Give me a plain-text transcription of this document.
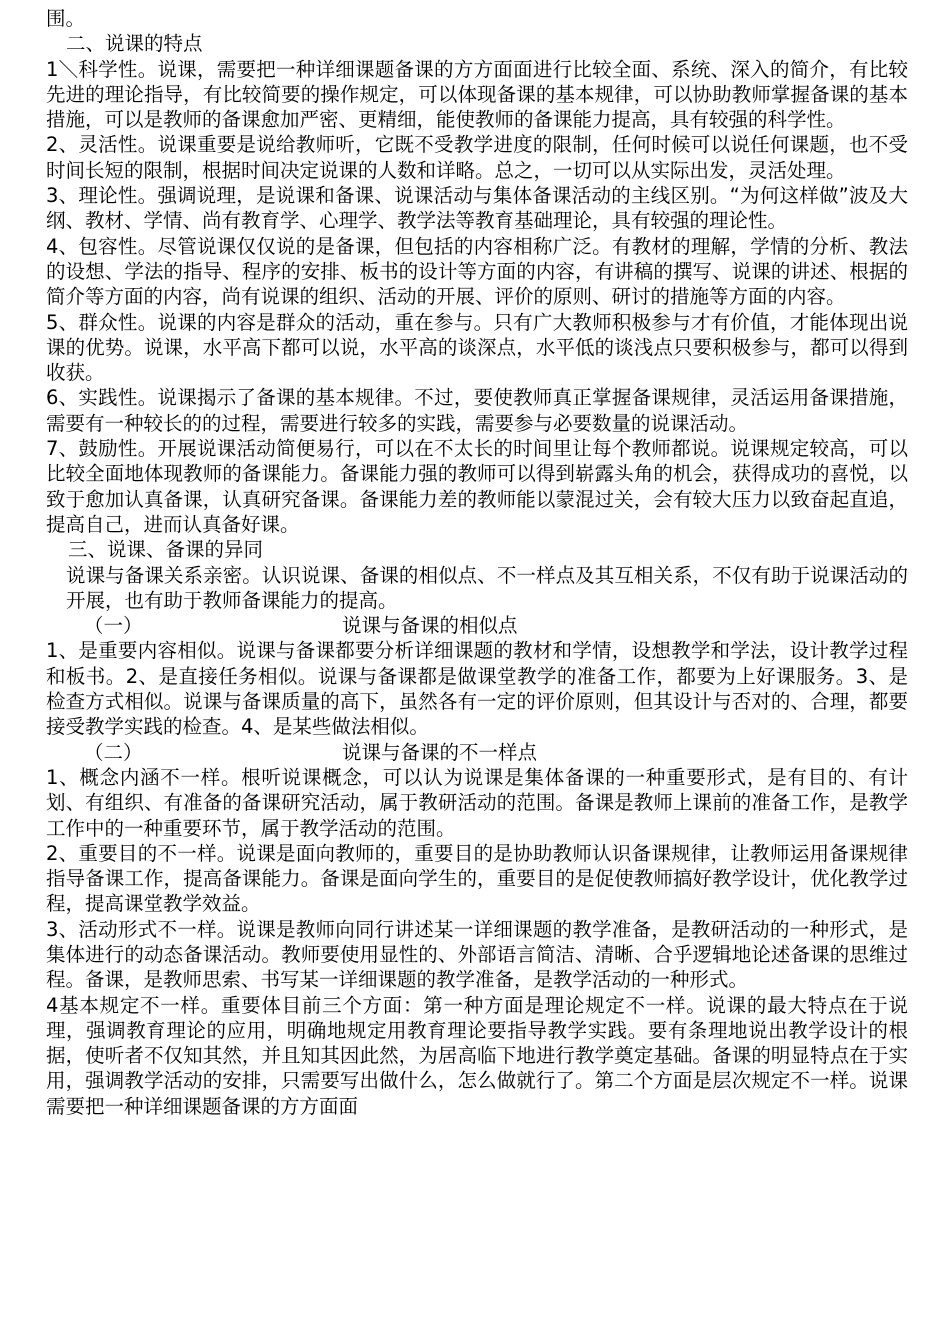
围。

二、说课的特点

1＼科学性。说课，需要把一种详细课题备课的方方面面进行比较全面、系统、深入的简介，有比较先进的理论指导，有比较简要的操作规定，可以体现备课的基本规律，可以协助教师掌握备课的基本措施，可以是教师的备课愈加严密、更精细，能使教师的备课能力提高，具有较强的科学性。

2、灵活性。说课重要是说给教师听，它既不受教学进度的限制，任何时候可以说任何课题，也不受时间长短的限制，根据时间决定说课的人数和详略。总之，一切可以从实际出发，灵活处理。

3、理论性。强调说理，是说课和备课、说课活动与集体备课活动的主线区别。“为何这样做”波及大纲、教材、学情、尚有教育学、心理学、教学法等教育基础理论，具有较强的理论性。

4、包容性。尽管说课仅仅说的是备课，但包括的内容相称广泛。有教材的理解，学情的分析、教法的设想、学法的指导、程序的安排、板书的设计等方面的内容，有讲稿的撰写、说课的讲述、根据的简介等方面的内容，尚有说课的组织、活动的开展、评价的原则、研讨的措施等方面的内容。

5、群众性。说课的内容是群众的活动，重在参与。只有广大教师积极参与才有价值，才能体现出说课的优势。说课，水平高下都可以说，水平高的谈深点，水平低的谈浅点只要积极参与，都可以得到收获。

6、实践性。说课揭示了备课的基本规律。不过，要使教师真正掌握备课规律，灵活运用备课措施，需要有一种较长的的过程，需要进行较多的实践，需要参与必要数量的说课活动。

7、鼓励性。开展说课活动简便易行，可以在不太长的时间里让每个教师都说。说课规定较高，可以比较全面地体现教师的备课能力。备课能力强的教师可以得到崭露头角的机会，获得成功的喜悦，以致于愈加认真备课，认真研究备课。备课能力差的教师能以蒙混过关，会有较大压力以致奋起直追，提高自己，进而认真备好课。

三、说课、备课的异同

说课与备课关系亲密。认识说课、备课的相似点、不一样点及其互相关系，不仅有助于说课活动的开展，也有助于教师备课能力的提高。

（一）	说课与备课的相似点

1、是重要内容相似。说课与备课都要分析详细课题的教材和学情，设想教学和学法，设计教学过程和板书。2、是直接任务相似。说课与备课都是做课堂教学的准备工作，都要为上好课服务。3、是检查方式相似。说课与备课质量的高下，虽然各有一定的评价原则，但其设计与否对的、合理，都要接受教学实践的检查。4、是某些做法相似。

（二）	说课与备课的不一样点

1、概念内涵不一样。根听说课概念，可以认为说课是集体备课的一种重要形式，是有目的、有计划、有组织、有准备的备课研究活动，属于教研活动的范围。备课是教师上课前的准备工作，是教学工作中的一种重要环节，属于教学活动的范围。

2、重要目的不一样。说课是面向教师的，重要目的是协助教师认识备课规律，让教师运用备课规律指导备课工作，提高备课能力。备课是面向学生的，重要目的是促使教师搞好教学设计，优化教学过程，提高课堂教学效益。

3、活动形式不一样。说课是教师向同行讲述某一详细课题的教学准备，是教研活动的一种形式，是集体进行的动态备课活动。教师要使用显性的、外部语言简洁、清晰、合乎逻辑地论述备课的思维过程。备课，是教师思索、书写某一详细课题的教学准备，是教学活动的一种形式。

4基本规定不一样。重要体目前三个方面：第一种方面是理论规定不一样。说课的最大特点在于说理，强调教育理论的应用，明确地规定用教育理论要指导教学实践。要有条理地说出教学设计的根据，使听者不仅知其然，并且知其因此然，为居高临下地进行教学奠定基础。备课的明显特点在于实用，强调教学活动的安排，只需要写出做什么，怎么做就行了。第二个方面是层次规定不一样。说课需要把一种详细课题备课的方方面面
